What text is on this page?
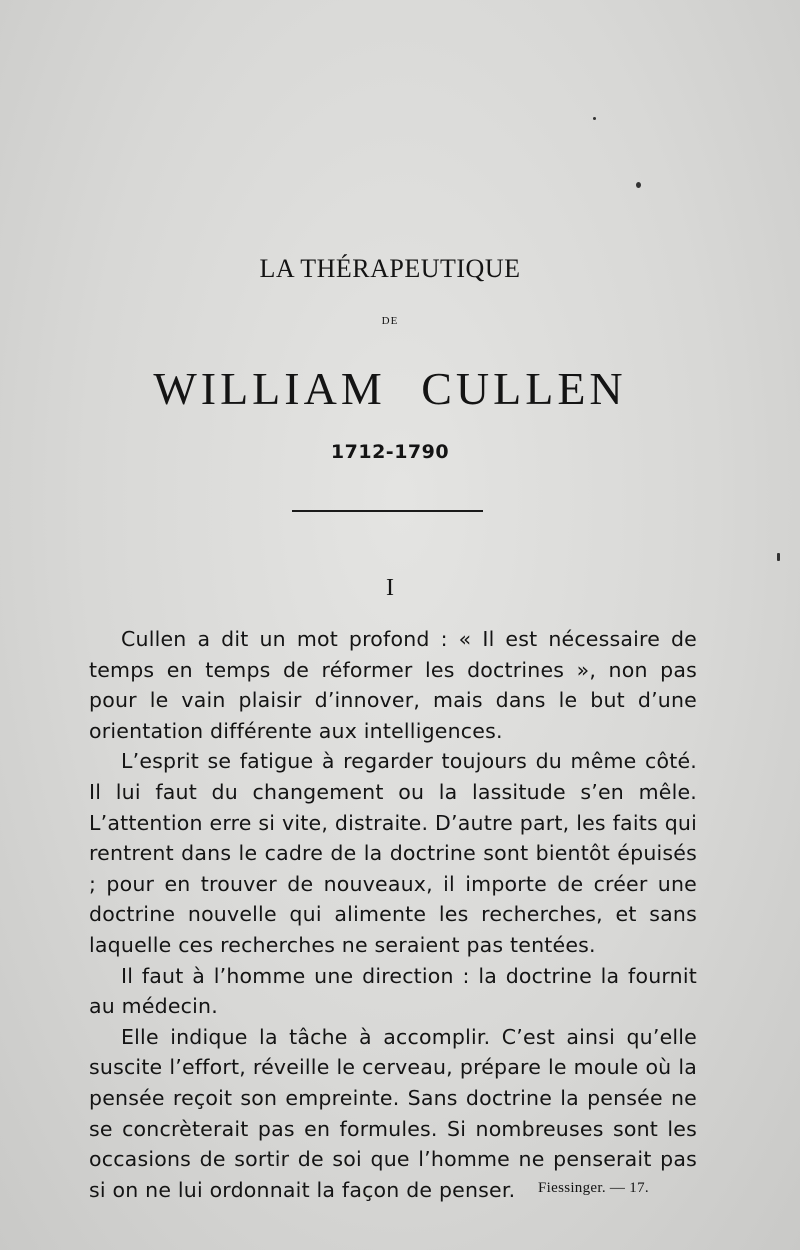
LA THÉRAPEUTIQUE
DE
WILLIAM CULLEN
1712-1790
I

Cullen a dit un mot profond : « Il est nécessaire de temps en temps de réformer les doctrines », non pas pour le vain plaisir d’innover, mais dans le but d’une orientation différente aux intelligences.

L’esprit se fatigue à regarder toujours du même côté. Il lui faut du changement ou la lassitude s’en mêle. L’attention erre si vite, distraite. D’autre part, les faits qui rentrent dans le cadre de la doctrine sont bientôt épuisés ; pour en trouver de nouveaux, il importe de créer une doctrine nouvelle qui alimente les recherches, et sans laquelle ces recherches ne seraient pas tentées.

Il faut à l’homme une direction : la doctrine la fournit au médecin.

Elle indique la tâche à accomplir. C’est ainsi qu’elle suscite l’effort, réveille le cerveau, prépare le moule où la pensée reçoit son empreinte. Sans doctrine la pensée ne se concrèterait pas en formules. Si nombreuses sont les occasions de sortir de soi que l’homme ne penserait pas si on ne lui ordonnait la façon de penser.	Fiessinger. — 17.
